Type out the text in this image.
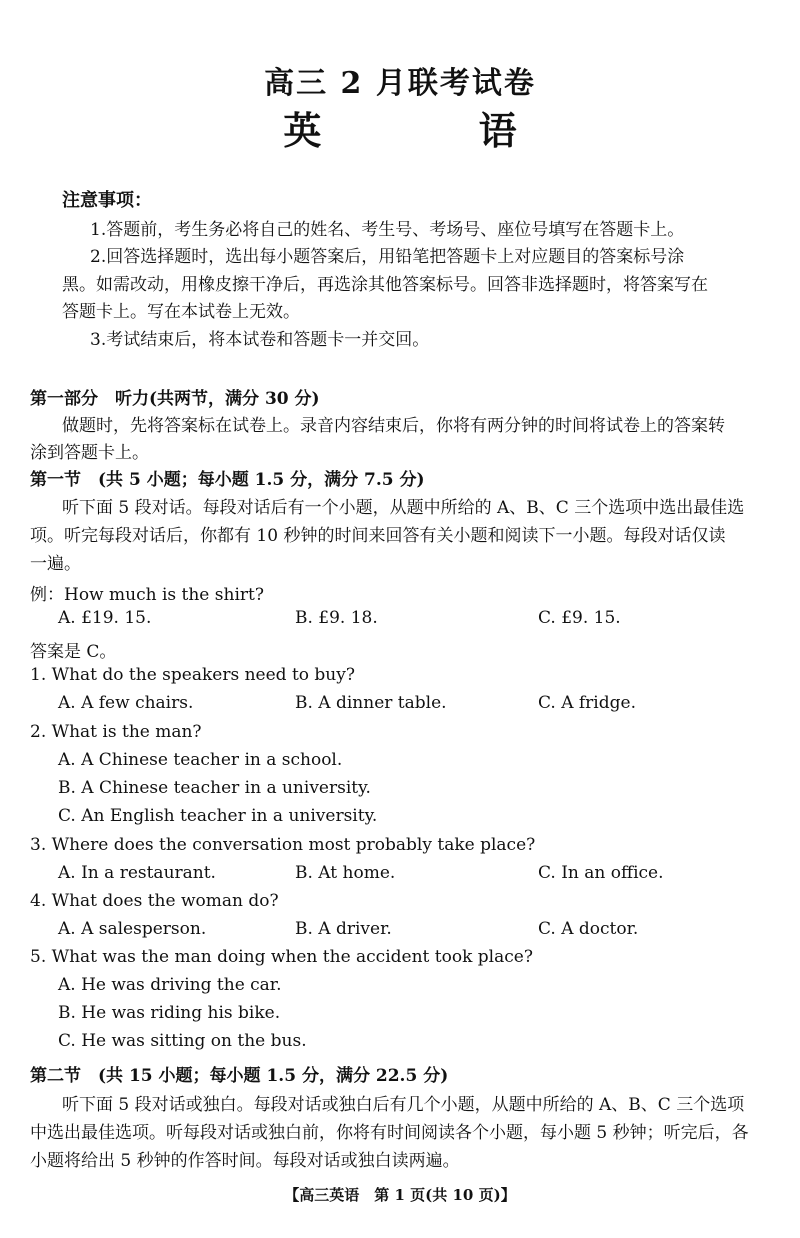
高三 2 月联考试卷
英 语
注意事项：
1.答题前，考生务必将自己的姓名、考生号、考场号、座位号填写在答题卡上。
2.回答选择题时，选出每小题答案后，用铅笔把答题卡上对应题目的答案标号涂
黑。如需改动，用橡皮擦干净后，再选涂其他答案标号。回答非选择题时，将答案写在
答题卡上。写在本试卷上无效。
3.考试结束后，将本试卷和答题卡一并交回。
第一部分　听力(共两节，满分 30 分)
做题时，先将答案标在试卷上。录音内容结束后，你将有两分钟的时间将试卷上的答案转
涂到答题卡上。
第一节　(共 5 小题；每小题 1.5 分，满分 7.5 分)
听下面 5 段对话。每段对话后有一个小题，从题中所给的 A、B、C 三个选项中选出最佳选
项。听完每段对话后，你都有 10 秒钟的时间来回答有关小题和阅读下一小题。每段对话仅读
一遍。
例：How much is the shirt?
A. £19. 15.	B. £9. 18.	C. £9. 15.
答案是 C。
1. What do the speakers need to buy?
A. A few chairs.	B. A dinner table.	C. A fridge.
2. What is the man?
A. A Chinese teacher in a school.
B. A Chinese teacher in a university.
C. An English teacher in a university.
3. Where does the conversation most probably take place?
A. In a restaurant.	B. At home.	C. In an office.
4. What does the woman do?
A. A salesperson.	B. A driver.	C. A doctor.
5. What was the man doing when the accident took place?
A. He was driving the car.
B. He was riding his bike.
C. He was sitting on the bus.
第二节　(共 15 小题；每小题 1.5 分，满分 22.5 分)
听下面 5 段对话或独白。每段对话或独白后有几个小题，从题中所给的 A、B、C 三个选项
中选出最佳选项。听每段对话或独白前，你将有时间阅读各个小题，每小题 5 秒钟；听完后，各
小题将给出 5 秒钟的作答时间。每段对话或独白读两遍。
【高三英语　第 1 页(共 10 页)】
